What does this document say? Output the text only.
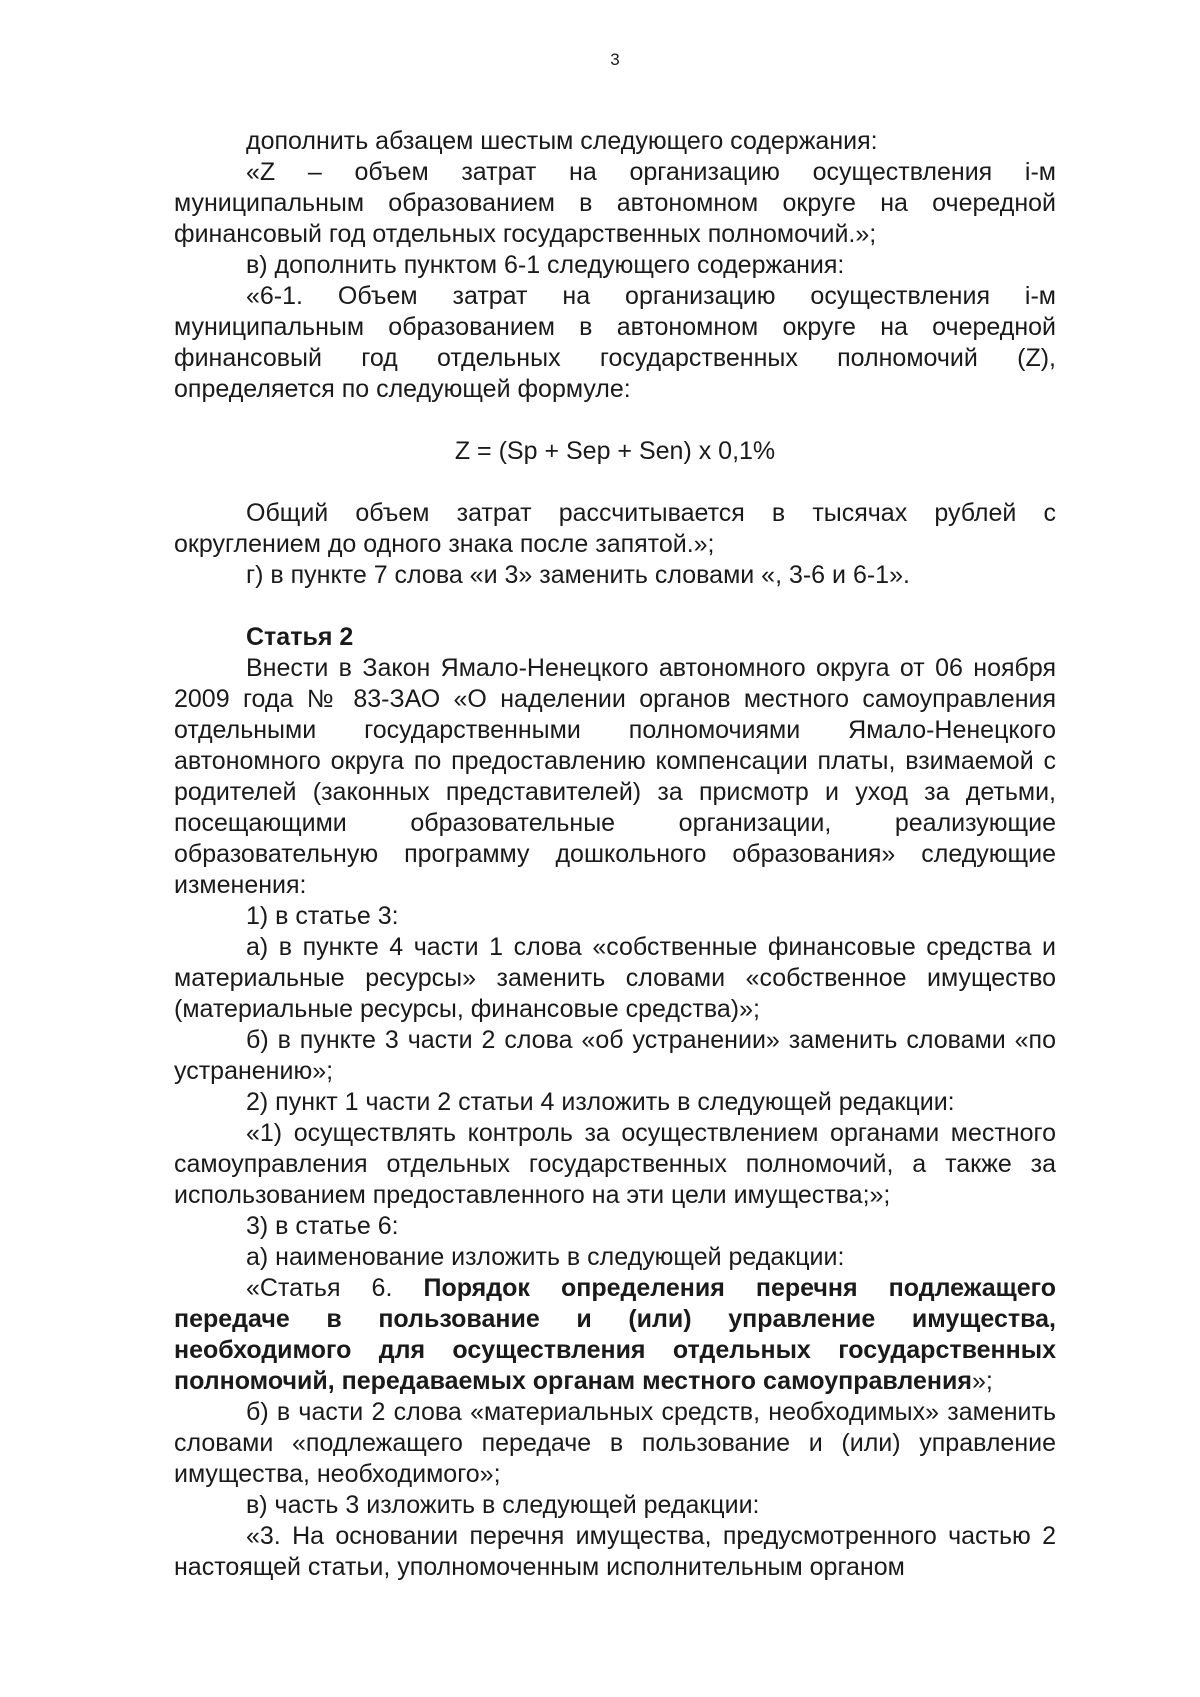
3

дополнить абзацем шестым следующего содержания:

«Z – объем затрат на организацию осуществления i-м муниципальным образованием в автономном округе на очередной финансовый год отдельных государственных полномочий.»;

в) дополнить пунктом 6-1 следующего содержания:

«6-1. Объем затрат на организацию осуществления i-м муниципальным образованием в автономном округе на очередной финансовый год отдельных государственных полномочий (Z), определяется по следующей формуле:

Z = (Sp + Sep + Sen) x 0,1%

Общий объем затрат рассчитывается в тысячах рублей с округлением до одного знака после запятой.»;

г) в пункте 7 слова «и 3» заменить словами «, 3-6 и 6-1».

Статья 2

Внести в Закон Ямало-Ненецкого автономного округа от 06 ноября 2009 года № 83-ЗАО «О наделении органов местного самоуправления отдельными государственными полномочиями Ямало-Ненецкого автономного округа по предоставлению компенсации платы, взимаемой с родителей (законных представителей) за присмотр и уход за детьми, посещающими образовательные организации, реализующие образовательную программу дошкольного образования» следующие изменения:

1) в статье 3:

а) в пункте 4 части 1 слова «собственные финансовые средства и материальные ресурсы» заменить словами «собственное имущество (материальные ресурсы, финансовые средства)»;

б) в пункте 3 части 2 слова «об устранении» заменить словами «по устранению»;

2) пункт 1 части 2 статьи 4 изложить в следующей редакции:

«1) осуществлять контроль за осуществлением органами местного самоуправления отдельных государственных полномочий, а также за использованием предоставленного на эти цели имущества;»;

3) в статье 6:

а) наименование изложить в следующей редакции:

«Статья 6. Порядок определения перечня подлежащего передаче в пользование и (или) управление имущества, необходимого для осуществления отдельных государственных полномочий, передаваемых органам местного самоуправления»;

б) в части 2 слова «материальных средств, необходимых» заменить словами «подлежащего передаче в пользование и (или) управление имущества, необходимого»;

в) часть 3 изложить в следующей редакции:

«3. На основании перечня имущества, предусмотренного частью 2 настоящей статьи, уполномоченным исполнительным органом
